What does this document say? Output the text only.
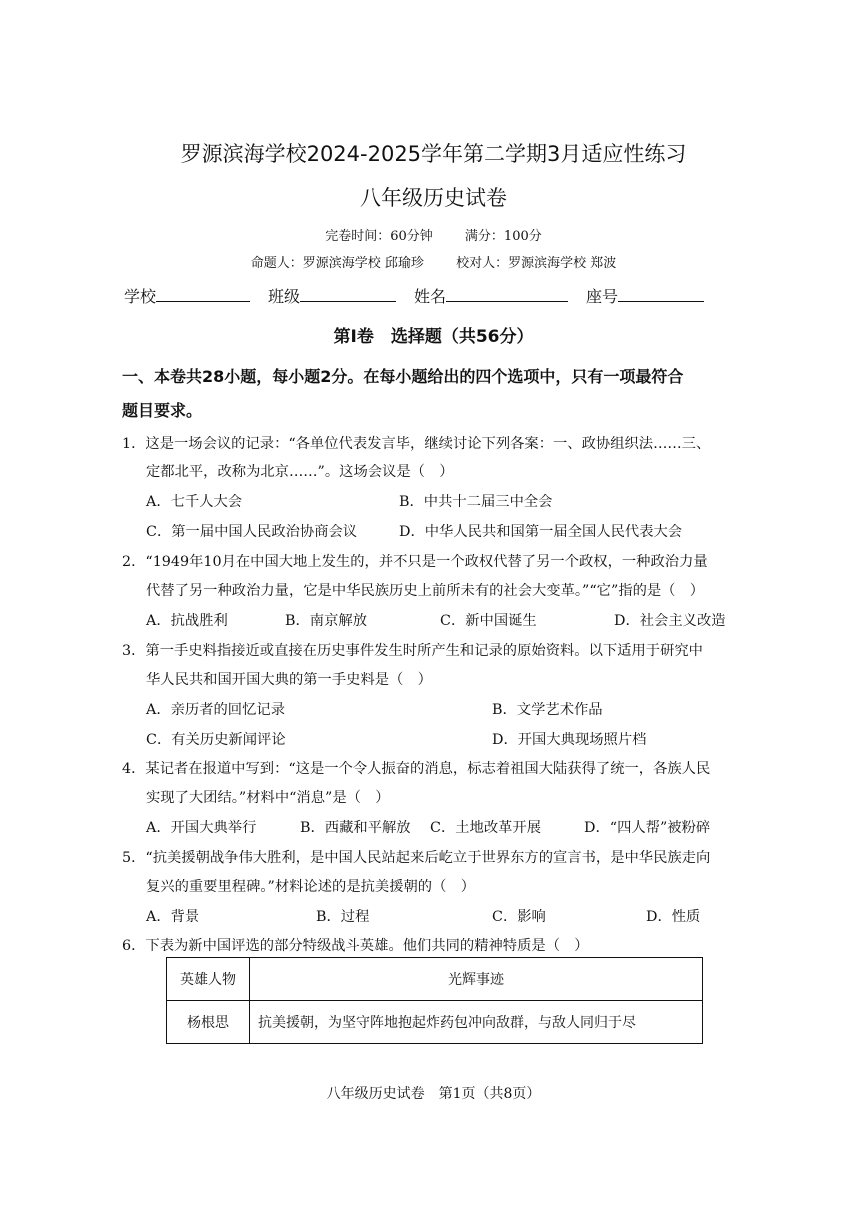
罗源滨海学校2024-2025学年第二学期3月适应性练习
八年级历史试卷
完卷时间：60分钟 满分：100分
命题人：罗源滨海学校 邱瑜珍 校对人：罗源滨海学校 郑波
学校	班级	姓名	座号
第Ⅰ卷　选择题（共56分）
一、本卷共28小题，每小题2分。在每小题给出的四个选项中，只有一项最符合
题目要求。
1．这是一场会议的记录：“各单位代表发言毕，继续讨论下列各案：一、政协组织法……三、
定都北平，改称为北京……”。这场会议是（　）
A．七千人大会	B．中共十二届三中全会
C．第一届中国人民政治协商会议	D．中华人民共和国第一届全国人民代表大会
2．“1949年10月在中国大地上发生的，并不只是一个政权代替了另一个政权，一种政治力量
代替了另一种政治力量，它是中华民族历史上前所未有的社会大变革。”“它”指的是（　）
A．抗战胜利	B．南京解放	C．新中国诞生	D．社会主义改造
3．第一手史料指接近或直接在历史事件发生时所产生和记录的原始资料。以下适用于研究中
华人民共和国开国大典的第一手史料是（　）
A．亲历者的回忆记录	B．文学艺术作品
C．有关历史新闻评论	D．开国大典现场照片档
4．某记者在报道中写到：“这是一个令人振奋的消息，标志着祖国大陆获得了统一，各族人民
实现了大团结。”材料中“消息”是（　）
A．开国大典举行	B．西藏和平解放 C．土地改革开展	D．“四人帮”被粉碎
5．“抗美援朝战争伟大胜利，是中国人民站起来后屹立于世界东方的宣言书，是中华民族走向
复兴的重要里程碑。”材料论述的是抗美援朝的（　）
A．背景	B．过程	C．影响	D．性质
6．下表为新中国评选的部分特级战斗英雄。他们共同的精神特质是（　）
英雄人物	光辉事迹
杨根思	抗美援朝，为坚守阵地抱起炸药包冲向敌群，与敌人同归于尽
八年级历史试卷　第1页（共8页）
